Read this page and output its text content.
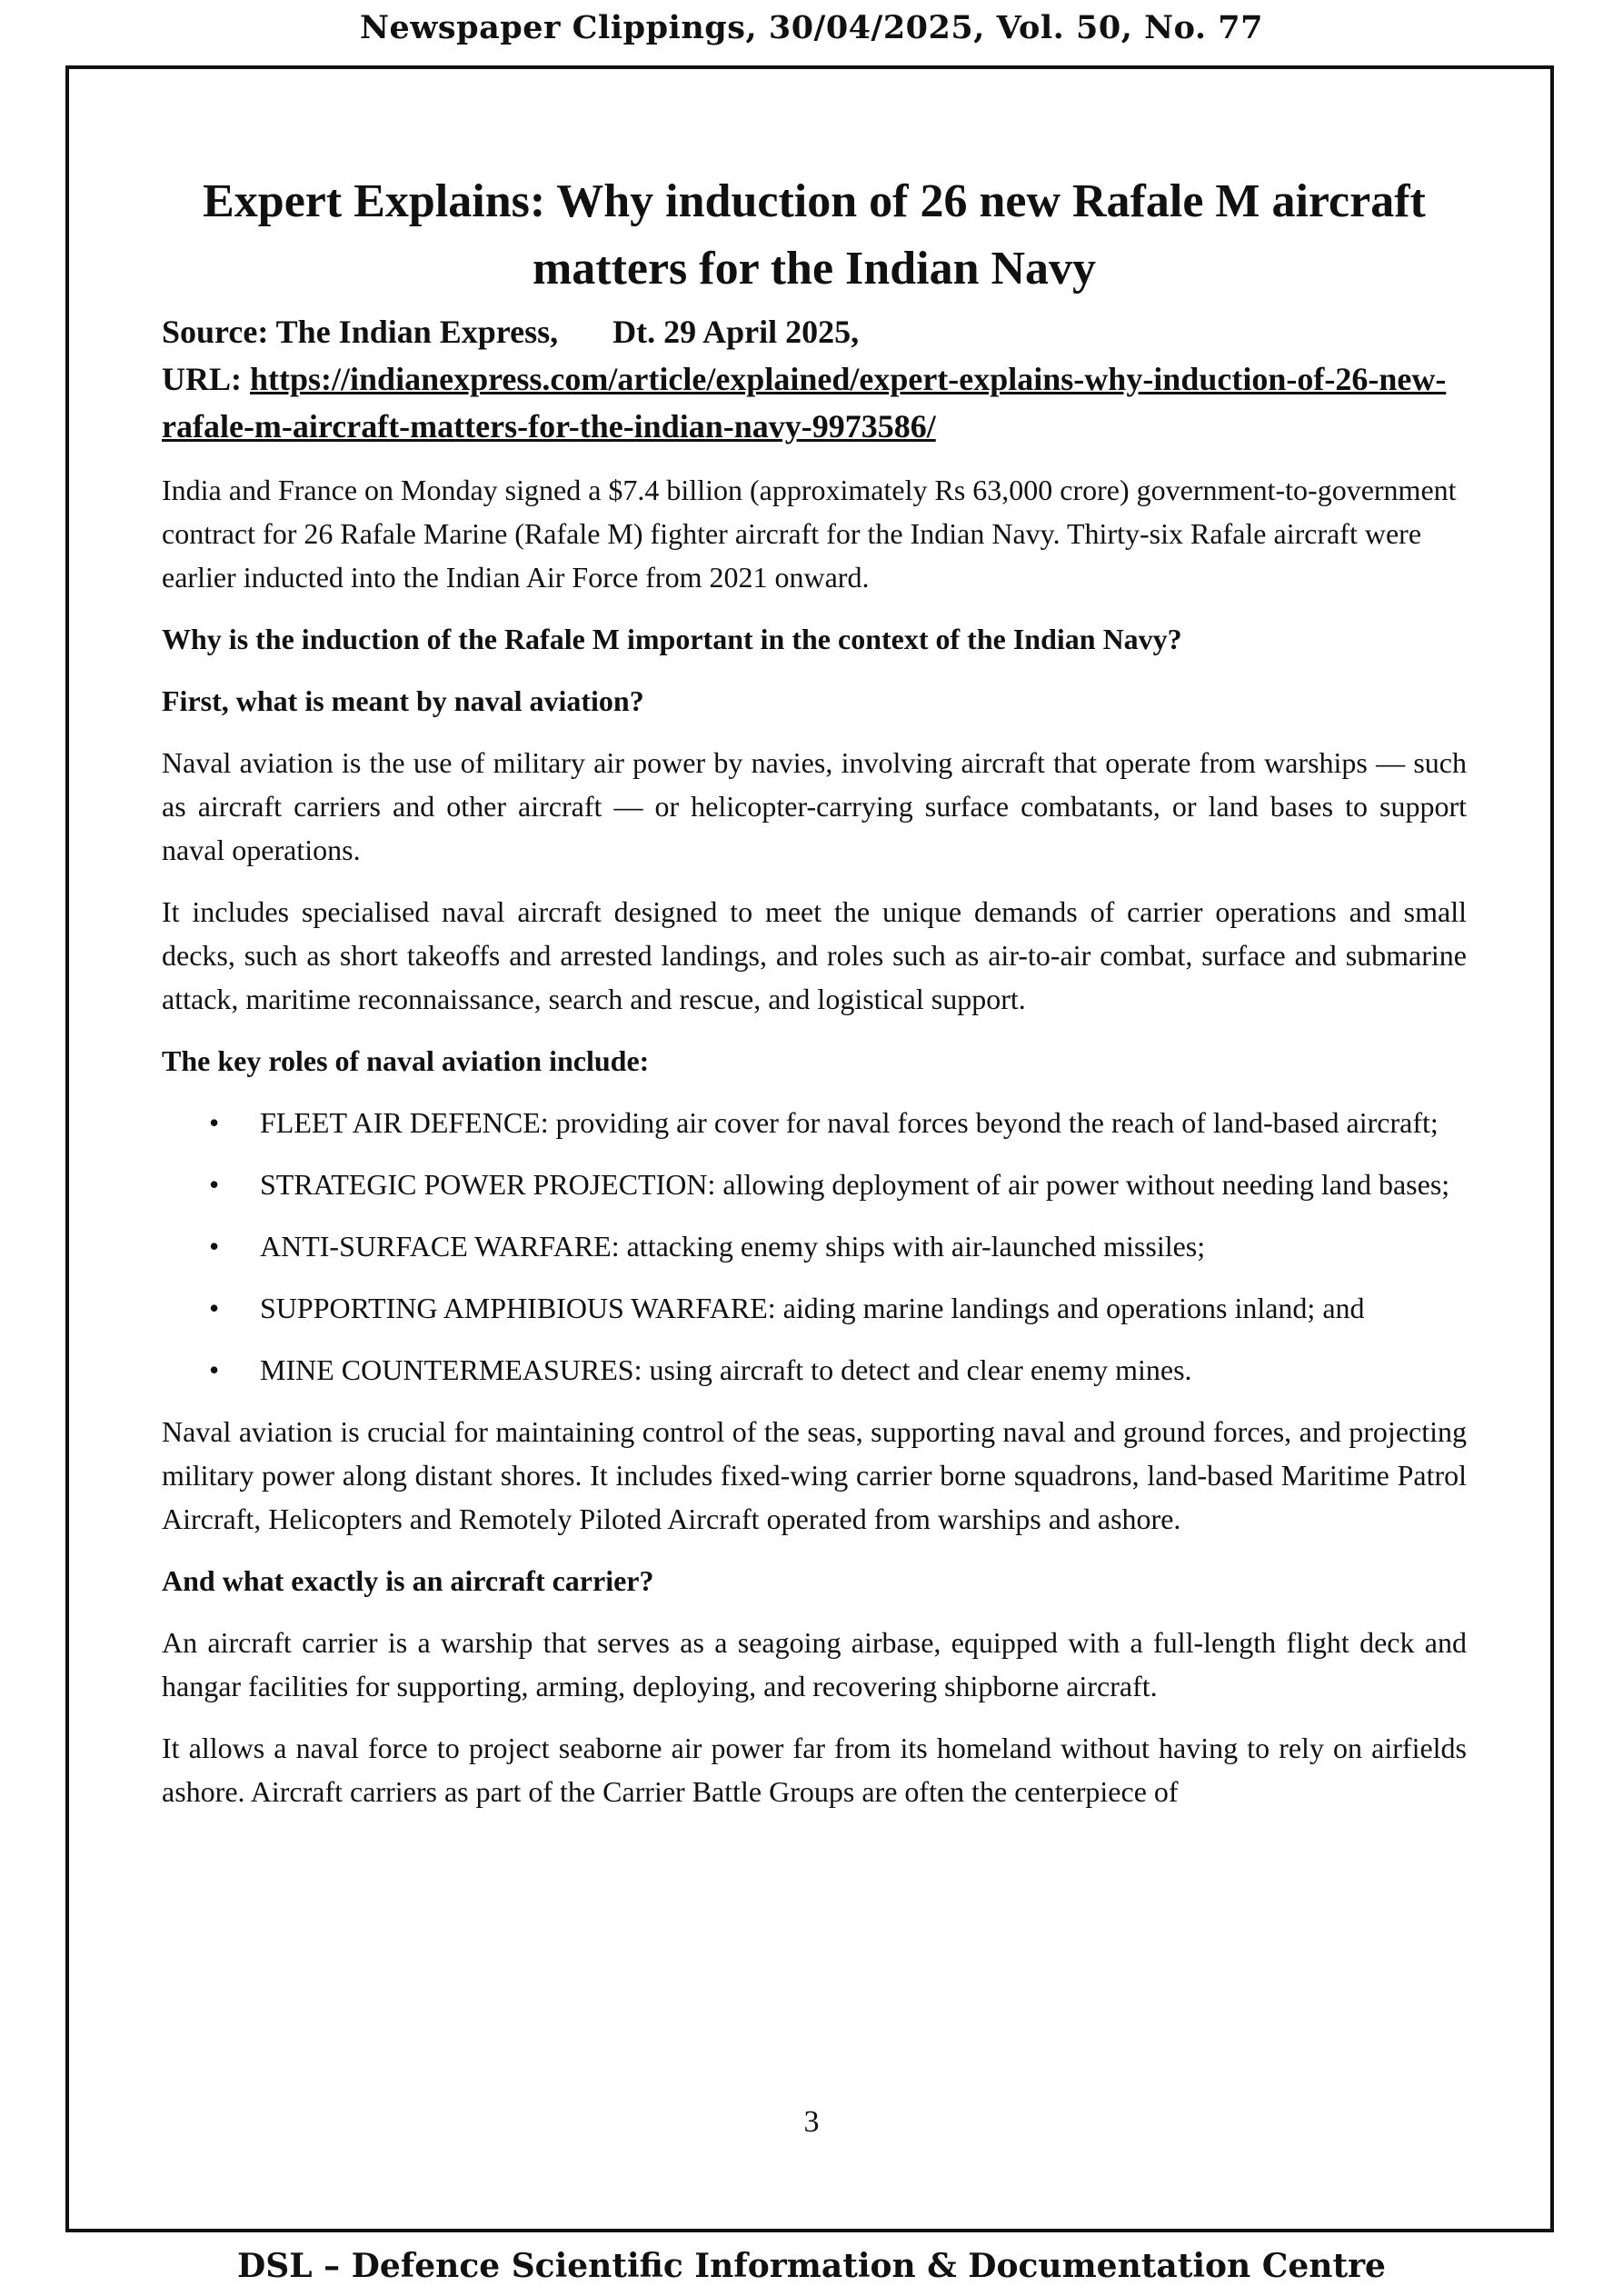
Newspaper Clippings, 30/04/2025, Vol. 50, No. 77
Expert Explains: Why induction of 26 new Rafale M aircraft matters for the Indian Navy
Source: The Indian Express, Dt. 29 April 2025,
URL: https://indianexpress.com/article/explained/expert-explains-why-induction-of-26-new-rafale-m-aircraft-matters-for-the-indian-navy-9973586/

India and France on Monday signed a $7.4 billion (approximately Rs 63,000 crore) government-to-government contract for 26 Rafale Marine (Rafale M) fighter aircraft for the Indian Navy. Thirty-six Rafale aircraft were earlier inducted into the Indian Air Force from 2021 onward.

Why is the induction of the Rafale M important in the context of the Indian Navy?

First, what is meant by naval aviation?

Naval aviation is the use of military air power by navies, involving aircraft that operate from warships — such as aircraft carriers and other aircraft — or helicopter-carrying surface combatants, or land bases to support naval operations.

It includes specialised naval aircraft designed to meet the unique demands of carrier operations and small decks, such as short takeoffs and arrested landings, and roles such as air-to-air combat, surface and submarine attack, maritime reconnaissance, search and rescue, and logistical support.

The key roles of naval aviation include:

• FLEET AIR DEFENCE: providing air cover for naval forces beyond the reach of land-based aircraft;
• STRATEGIC POWER PROJECTION: allowing deployment of air power without needing land bases;
• ANTI-SURFACE WARFARE: attacking enemy ships with air-launched missiles;
• SUPPORTING AMPHIBIOUS WARFARE: aiding marine landings and operations inland; and
• MINE COUNTERMEASURES: using aircraft to detect and clear enemy mines.

Naval aviation is crucial for maintaining control of the seas, supporting naval and ground forces, and projecting military power along distant shores. It includes fixed-wing carrier borne squadrons, land-based Maritime Patrol Aircraft, Helicopters and Remotely Piloted Aircraft operated from warships and ashore.

And what exactly is an aircraft carrier?

An aircraft carrier is a warship that serves as a seagoing airbase, equipped with a full-length flight deck and hangar facilities for supporting, arming, deploying, and recovering shipborne aircraft.

It allows a naval force to project seaborne air power far from its homeland without having to rely on airfields ashore. Aircraft carriers as part of the Carrier Battle Groups are often the centerpiece of

3
DSL – Defence Scientific Information & Documentation Centre
